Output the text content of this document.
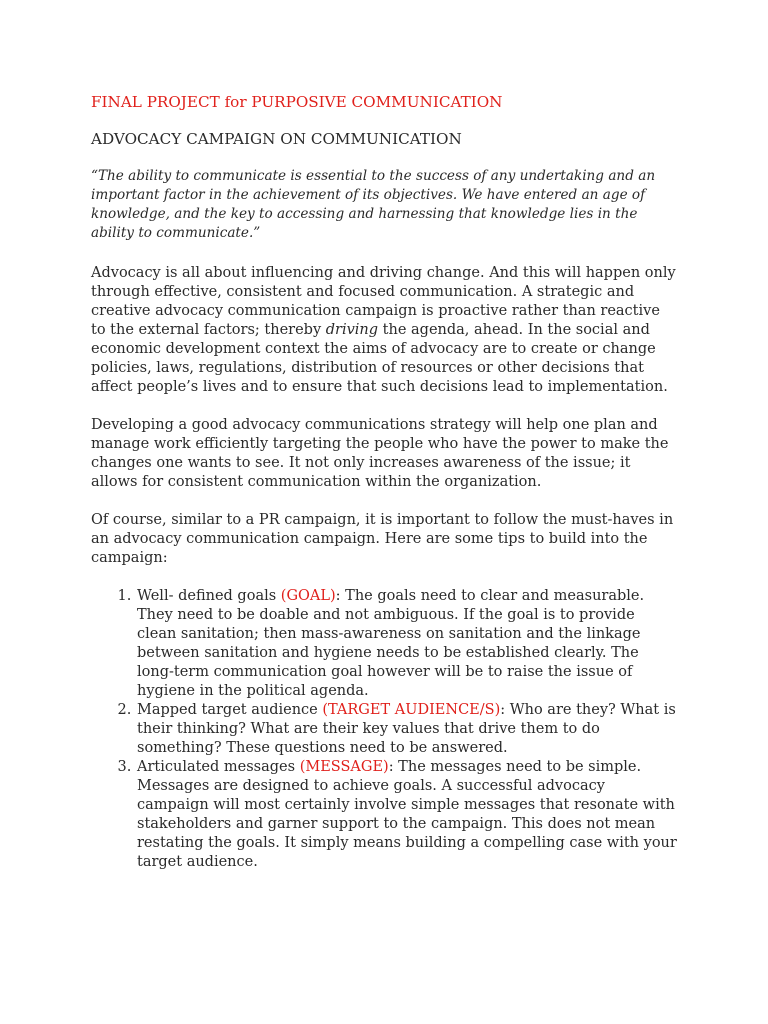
FINAL PROJECT for PURPOSIVE COMMUNICATION
ADVOCACY CAMPAIGN ON COMMUNICATION
“The ability to communicate is essential to the success of any undertaking and an important factor in the achievement of its objectives. We have entered an age of knowledge, and the key to accessing and harnessing that knowledge lies in the ability to communicate.”
Advocacy is all about influencing and driving change. And this will happen only through effective, consistent and focused communication. A strategic and creative advocacy communication campaign is proactive rather than reactive to the external factors; thereby driving the agenda, ahead. In the social and economic development context the aims of advocacy are to create or change policies, laws, regulations, distribution of resources or other decisions that affect people’s lives and to ensure that such decisions lead to implementation.
Developing a good advocacy communications strategy will help one plan and manage work efficiently targeting the people who have the power to make the changes one wants to see. It not only increases awareness of the issue; it allows for consistent communication within the organization.
Of course, similar to a PR campaign, it is important to follow the must-haves in an advocacy communication campaign. Here are some tips to build into the campaign:
1. Well- defined goals (GOAL): The goals need to clear and measurable. They need to be doable and not ambiguous. If the goal is to provide clean sanitation; then mass-awareness on sanitation and the linkage between sanitation and hygiene needs to be established clearly. The long-term communication goal however will be to raise the issue of hygiene in the political agenda.
2. Mapped target audience (TARGET AUDIENCE/S): Who are they? What is their thinking? What are their key values that drive them to do something? These questions need to be answered.
3. Articulated messages (MESSAGE): The messages need to be simple. Messages are designed to achieve goals. A successful advocacy campaign will most certainly involve simple messages that resonate with stakeholders and garner support to the campaign. This does not mean restating the goals. It simply means building a compelling case with your target audience.
